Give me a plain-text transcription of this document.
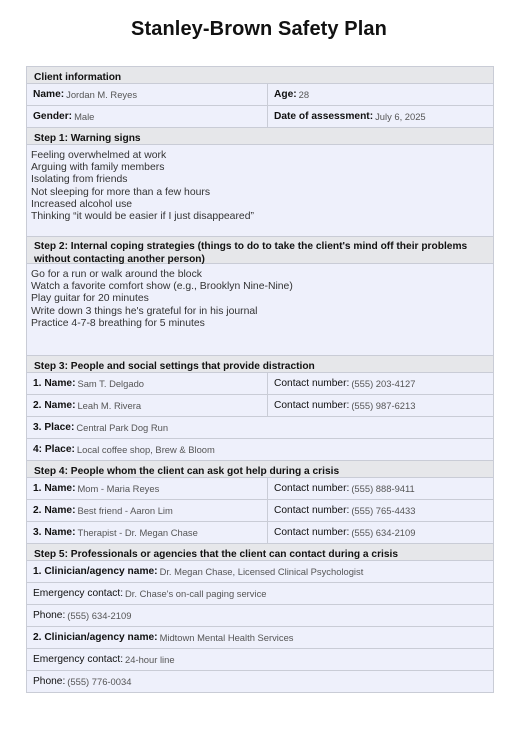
Stanley-Brown Safety Plan
Client information
Name: Jordan M. Reyes	Age: 28
Gender: Male	Date of assessment: July 6, 2025
Step 1: Warning signs
Feeling overwhelmed at work
Arguing with family members
Isolating from friends
Not sleeping for more than a few hours
Increased alcohol use
Thinking “it would be easier if I just disappeared”
Step 2: Internal coping strategies (things to do to take the client's mind off their problems without contacting another person)
Go for a run or walk around the block
Watch a favorite comfort show (e.g., Brooklyn Nine-Nine)
Play guitar for 20 minutes
Write down 3 things he's grateful for in his journal
Practice 4-7-8 breathing for 5 minutes
Step 3: People and social settings that provide distraction
1. Name: Sam T. Delgado	Contact number: (555) 203-4127
2. Name: Leah M. Rivera	Contact number: (555) 987-6213
3. Place: Central Park Dog Run
4: Place: Local coffee shop, Brew & Bloom
Step 4: People whom the client can ask got help during a crisis
1. Name: Mom - Maria Reyes	Contact number: (555) 888-9411
2. Name: Best friend - Aaron Lim	Contact number: (555) 765-4433
3. Name: Therapist - Dr. Megan Chase	Contact number: (555) 634-2109
Step 5: Professionals or agencies that the client can contact during a crisis
1. Clinician/agency name: Dr. Megan Chase, Licensed Clinical Psychologist
Emergency contact: Dr. Chase's on-call paging service
Phone: (555) 634-2109
2. Clinician/agency name: Midtown Mental Health Services
Emergency contact: 24-hour line
Phone: (555) 776-0034
